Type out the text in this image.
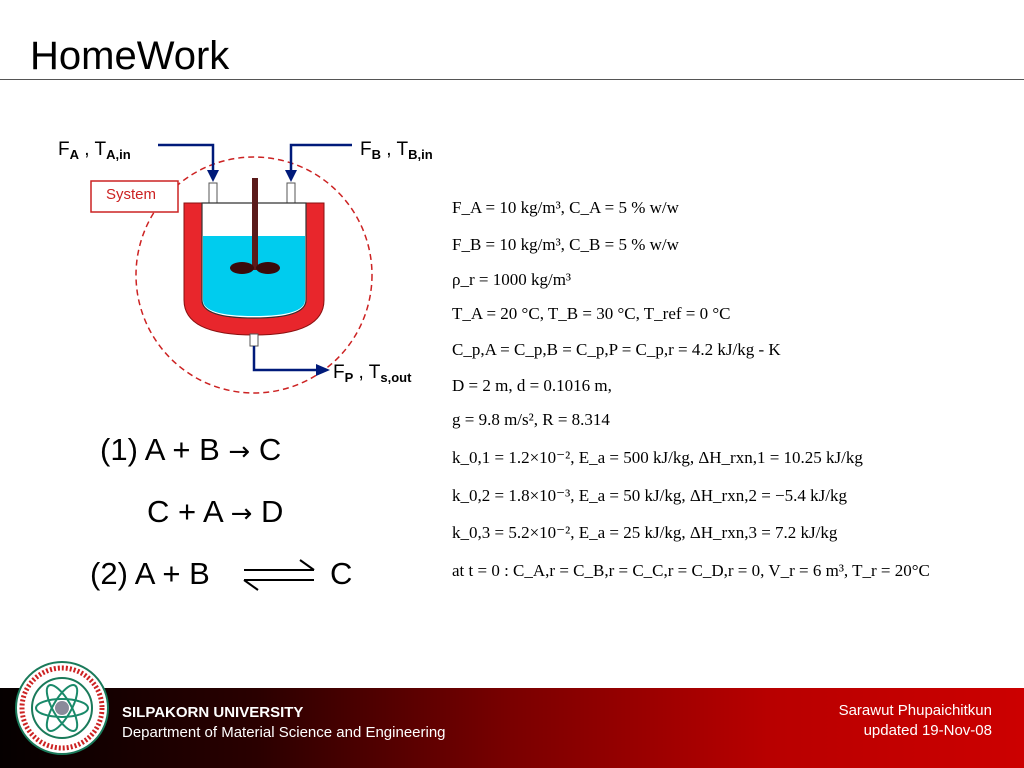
HomeWork
System
$F_A$ , $T_{A,in}$	$F_B$ , $T_{B,in}$
$F_P$ , $T_{s,out}$
F_A = 10 kg/m³, C_A = 5 % w/w
F_B = 10 kg/m³, C_B = 5 % w/w
ρ_r = 1000 kg/m³
T_A = 20 °C, T_B = 30 °C, T_ref = 0 °C
C_p,A = C_p,B = C_p,P = C_p,r = 4.2 kJ/kg - K
D = 2 m, d = 0.1016 m,
g = 9.8 m/s², R = 8.314
k_0,1 = 1.2×10⁻², E_a = 500 kJ/kg, ΔH_rxn,1 = 10.25 kJ/kg
k_0,2 = 1.8×10⁻³, E_a = 50 kJ/kg, ΔH_rxn,2 = −5.4 kJ/kg
k_0,3 = 5.2×10⁻², E_a = 25 kJ/kg, ΔH_rxn,3 = 7.2 kJ/kg
at t = 0 : C_A,r = C_B,r = C_C,r = C_D,r = 0, V_r = 6 m³, T_r = 20°C
(1) A + B → C
C + A → D
(2) A + B	C
SILPAKORN UNIVERSITY
Department of Material Science and Engineering
Sarawut Phupaichitkun
updated 19-Nov-08
